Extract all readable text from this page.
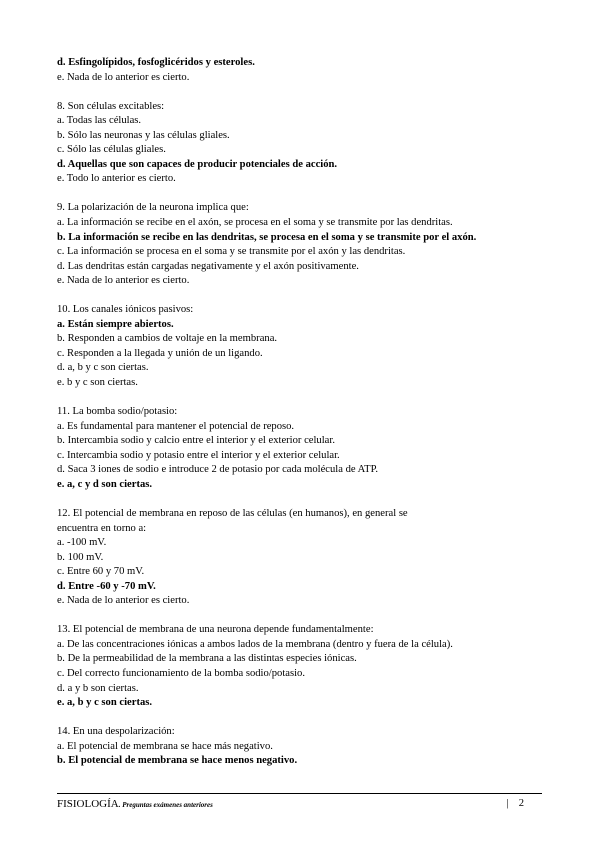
d. Esfingolípidos, fosfoglicéridos y esteroles.
e. Nada de lo anterior es cierto.
8. Son células excitables:
a. Todas las células.
b. Sólo las neuronas y las células gliales.
c. Sólo las células gliales.
d. Aquellas que son capaces de producir potenciales de acción.
e. Todo lo anterior es cierto.
9. La polarización de la neurona implica que:
a. La información se recibe en el axón, se procesa en el soma y se transmite por las dendritas.
b. La información se recibe en las dendritas, se procesa en el soma y se transmite por el axón.
c. La información se procesa en el soma y se transmite por el axón y las dendritas.
d. Las dendritas están cargadas negativamente y el axón positivamente.
e. Nada de lo anterior es cierto.
10. Los canales iónicos pasivos:
a. Están siempre abiertos.
b. Responden a cambios de voltaje en la membrana.
c. Responden a la llegada y unión de un ligando.
d. a, b y c son ciertas.
e. b y c son ciertas.
11. La bomba sodio/potasio:
a. Es fundamental para mantener el potencial de reposo.
b. Intercambia sodio y calcio entre el interior y el exterior celular.
c. Intercambia sodio y potasio entre el interior y el exterior celular.
d. Saca 3 iones de sodio e introduce 2 de potasio por cada molécula de ATP.
e. a, c y d son ciertas.
12. El potencial de membrana en reposo de las células (en humanos), en general se
encuentra en torno a:
a. -100 mV.
b. 100 mV.
c. Entre 60 y 70 mV.
d. Entre -60 y -70 mV.
e. Nada de lo anterior es cierto.
13. El potencial de membrana de una neurona depende fundamentalmente:
a. De las concentraciones iónicas a ambos lados de la membrana (dentro y fuera de la célula).
b. De la permeabilidad de la membrana a las distintas especies iónicas.
c. Del correcto funcionamiento de la bomba sodio/potasio.
d. a y b son ciertas.
e. a, b y c son ciertas.
14. En una despolarización:
a. El potencial de membrana se hace más negativo.
b. El potencial de membrana se hace menos negativo.
FISIOLOGÍA. Preguntas exámenes anteriores	| 2
